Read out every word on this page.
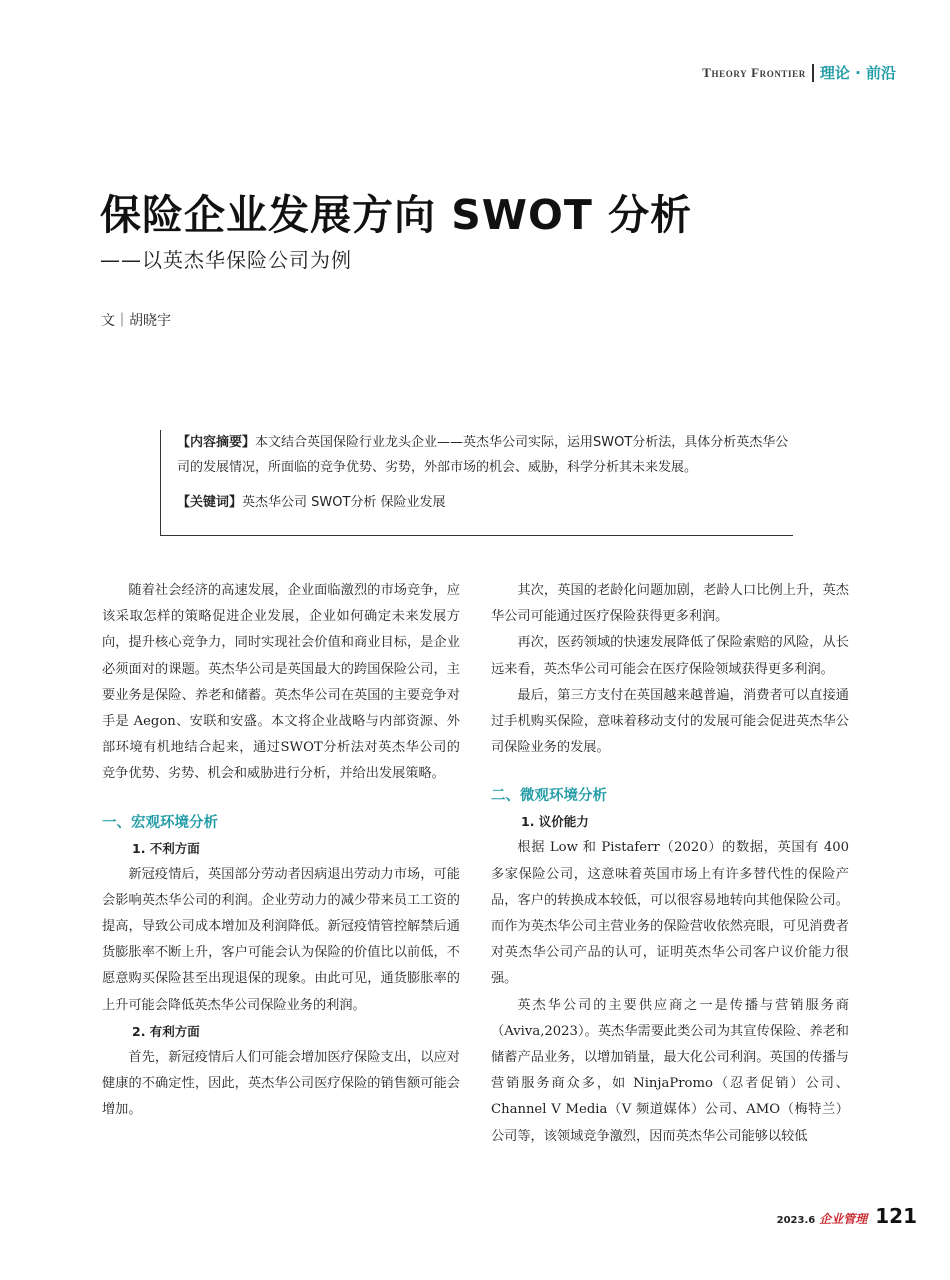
Theory Frontier 理论 · 前沿
保险企业发展方向 SWOT 分析
——以英杰华保险公司为例
文｜胡晓宇
【内容摘要】本文结合英国保险行业龙头企业——英杰华公司实际，运用SWOT分析法，具体分析英杰华公司的发展情况，所面临的竞争优势、劣势，外部市场的机会、威胁，科学分析其未来发展。
【关键词】英杰华公司 SWOT分析 保险业发展

随着社会经济的高速发展，企业面临激烈的市场竞争，应该采取怎样的策略促进企业发展，企业如何确定未来发展方向，提升核心竞争力，同时实现社会价值和商业目标，是企业必须面对的课题。英杰华公司是英国最大的跨国保险公司，主要业务是保险、养老和储蓄。英杰华公司在英国的主要竞争对手是 Aegon、安联和安盛。本文将企业战略与内部资源、外部环境有机地结合起来，通过SWOT分析法对英杰华公司的竞争优势、劣势、机会和威胁进行分析，并给出发展策略。

一、宏观环境分析
1. 不利方面

新冠疫情后，英国部分劳动者因病退出劳动力市场，可能会影响英杰华公司的利润。企业劳动力的减少带来员工工资的提高，导致公司成本增加及利润降低。新冠疫情管控解禁后通货膨胀率不断上升，客户可能会认为保险的价值比以前低，不愿意购买保险甚至出现退保的现象。由此可见，通货膨胀率的上升可能会降低英杰华公司保险业务的利润。

2. 有利方面

首先，新冠疫情后人们可能会增加医疗保险支出，以应对健康的不确定性，因此，英杰华公司医疗保险的销售额可能会增加。

其次，英国的老龄化问题加剧，老龄人口比例上升，英杰华公司可能通过医疗保险获得更多利润。

再次，医药领域的快速发展降低了保险索赔的风险，从长远来看，英杰华公司可能会在医疗保险领域获得更多利润。

最后，第三方支付在英国越来越普遍，消费者可以直接通过手机购买保险，意味着移动支付的发展可能会促进英杰华公司保险业务的发展。

二、微观环境分析
1. 议价能力

根据 Low 和 Pistaferr（2020）的数据，英国有 400 多家保险公司，这意味着英国市场上有许多替代性的保险产品，客户的转换成本较低，可以很容易地转向其他保险公司。而作为英杰华公司主营业务的保险营收依然亮眼，可见消费者对英杰华公司产品的认可，证明英杰华公司客户议价能力很强。

英杰华公司的主要供应商之一是传播与营销服务商（Aviva,2023）。英杰华需要此类公司为其宣传保险、养老和储蓄产品业务，以增加销量，最大化公司利润。英国的传播与营销服务商众多，如 NinjaPromo（忍者促销）公司、Channel V Media（V 频道媒体）公司、AMO（梅特兰）公司等，该领域竞争激烈，因而英杰华公司能够以较低

2023.6 企业管理 121
